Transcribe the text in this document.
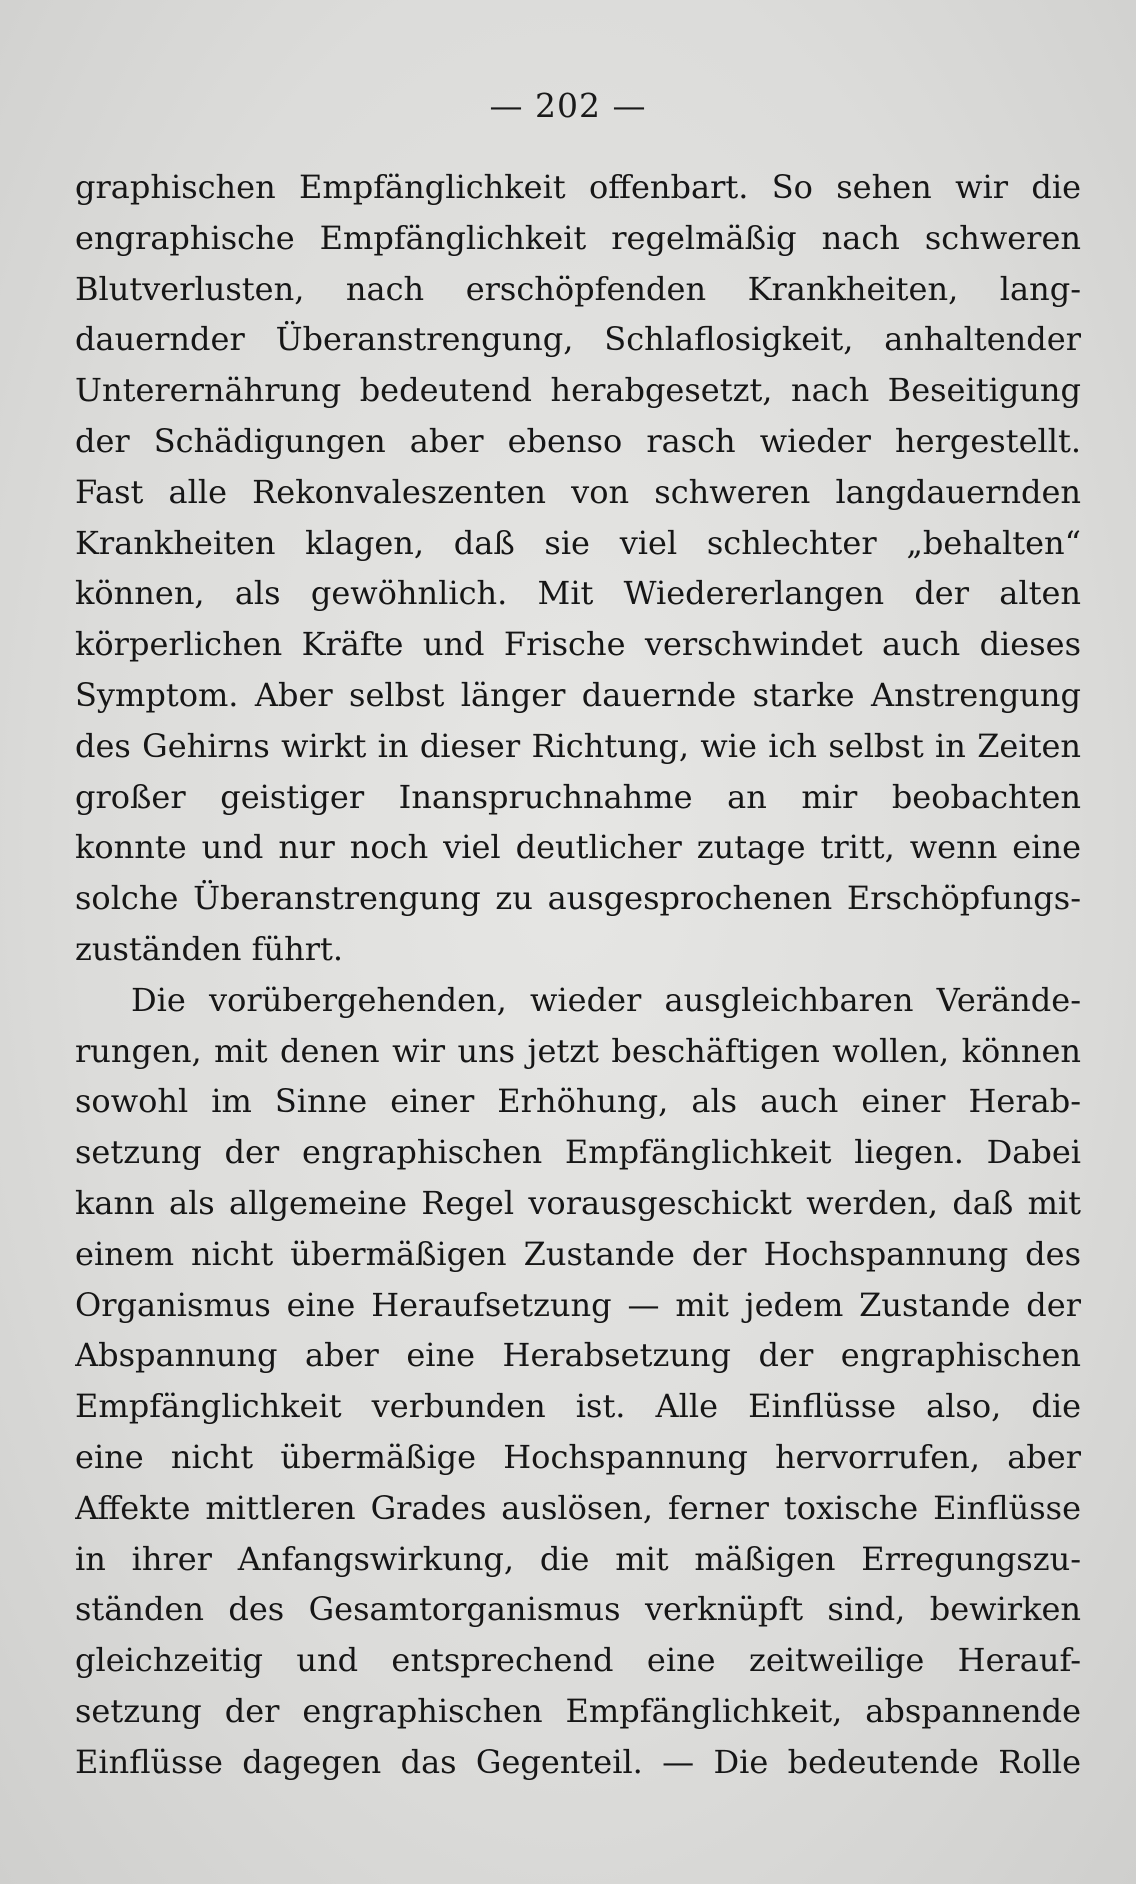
— 202 —
graphischen Empfänglichkeit offenbart. So sehen wir die
engraphische Empfänglichkeit regelmäßig nach schweren
Blutverlusten, nach erschöpfenden Krankheiten, lang-
dauernder Überanstrengung, Schlaflosigkeit, anhaltender
Unterernährung bedeutend herabgesetzt, nach Beseitigung
der Schädigungen aber ebenso rasch wieder hergestellt.
Fast alle Rekonvaleszenten von schweren langdauernden
Krankheiten klagen, daß sie viel schlechter „behalten“
können, als gewöhnlich. Mit Wiedererlangen der alten
körperlichen Kräfte und Frische verschwindet auch dieses
Symptom. Aber selbst länger dauernde starke Anstrengung
des Gehirns wirkt in dieser Richtung, wie ich selbst in Zeiten
großer geistiger Inanspruchnahme an mir beobachten
konnte und nur noch viel deutlicher zutage tritt, wenn eine
solche Überanstrengung zu ausgesprochenen Erschöpfungs-
zuständen führt.
Die vorübergehenden, wieder ausgleichbaren Verände-
rungen, mit denen wir uns jetzt beschäftigen wollen, können
sowohl im Sinne einer Erhöhung, als auch einer Herab-
setzung der engraphischen Empfänglichkeit liegen. Dabei
kann als allgemeine Regel vorausgeschickt werden, daß mit
einem nicht übermäßigen Zustande der Hochspannung des
Organismus eine Heraufsetzung — mit jedem Zustande der
Abspannung aber eine Herabsetzung der engraphischen
Empfänglichkeit verbunden ist. Alle Einflüsse also, die
eine nicht übermäßige Hochspannung hervorrufen, aber
Affekte mittleren Grades auslösen, ferner toxische Einflüsse
in ihrer Anfangswirkung, die mit mäßigen Erregungszu-
ständen des Gesamtorganismus verknüpft sind, bewirken
gleichzeitig und entsprechend eine zeitweilige Herauf-
setzung der engraphischen Empfänglichkeit, abspannende
Einflüsse dagegen das Gegenteil. — Die bedeutende Rolle
